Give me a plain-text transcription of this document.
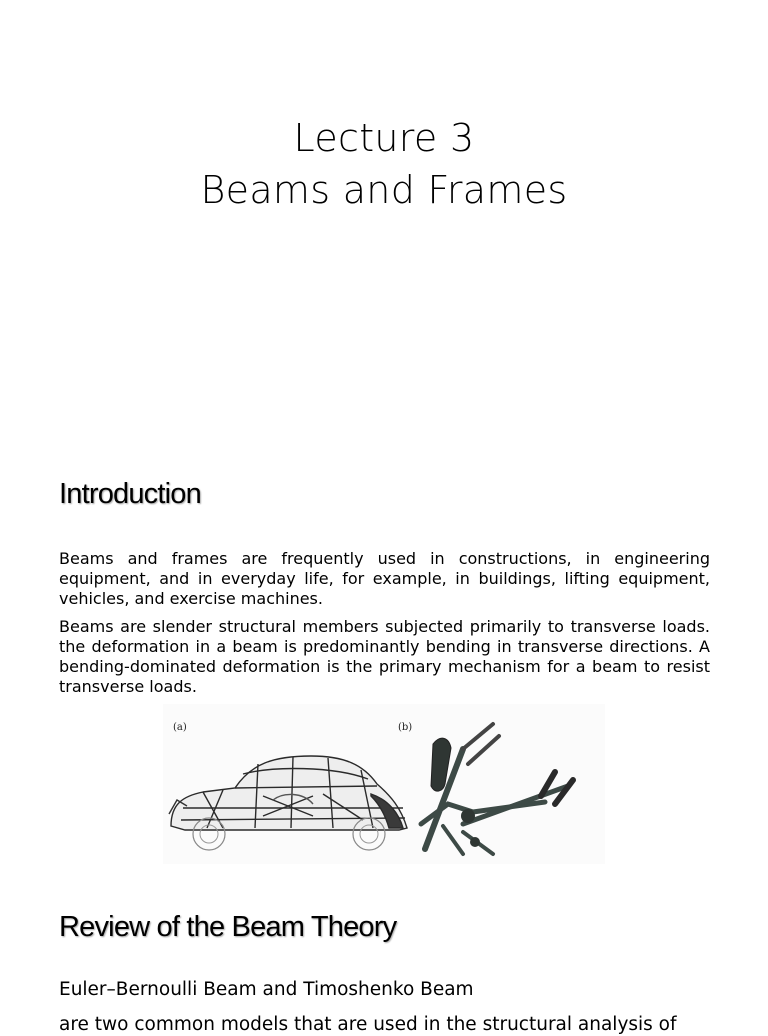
Lecture 3
Beams and Frames
Introduction

Beams and frames are frequently used in constructions, in engineering equipment, and in everyday life, for example, in buildings, lifting equipment, vehicles, and exercise machines.

Beams are slender structural members subjected primarily to transverse loads. the deformation in a beam is predominantly bending in transverse directions. A bending-dominated deformation is the primary mechanism for a beam to resist transverse loads.

(a)	(b)
Review of the Beam Theory
Euler–Bernoulli Beam and Timoshenko Beam
are two common models that are used in the structural analysis of
